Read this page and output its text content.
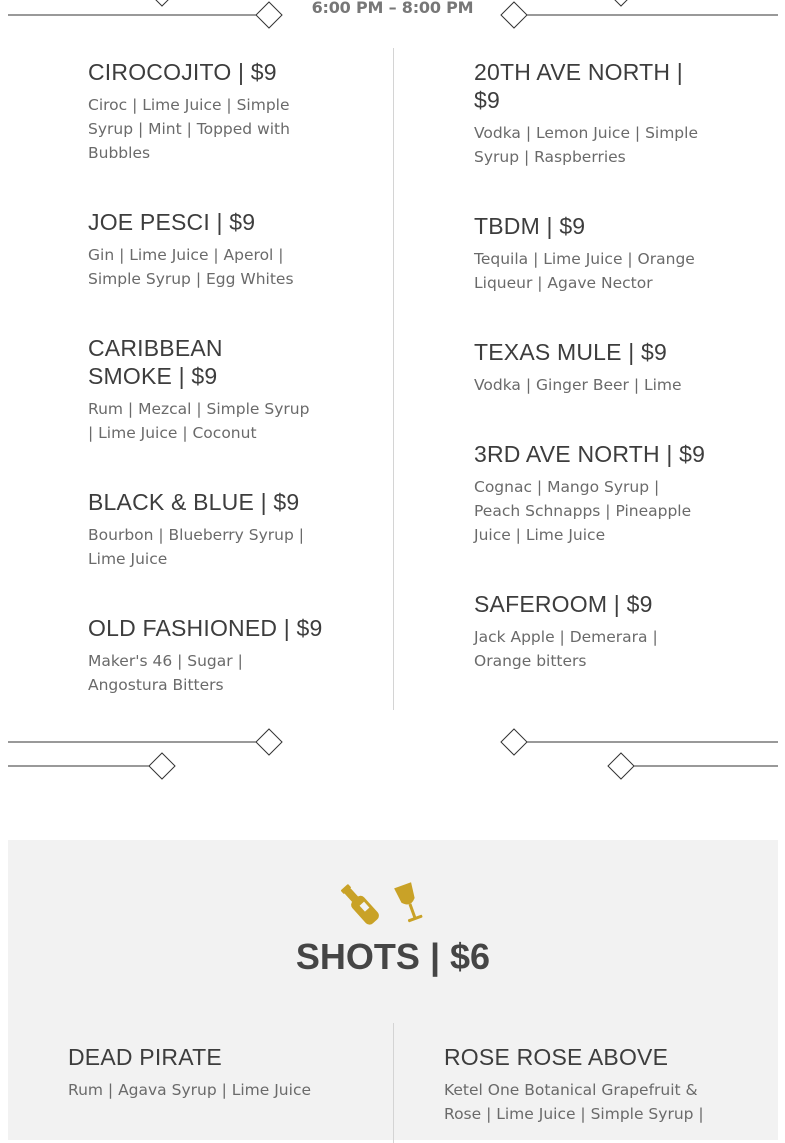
6:00 PM – 8:00 PM
CIROCOJITO | $9
Ciroc | Lime Juice | Simple Syrup | Mint | Topped with Bubbles
JOE PESCI | $9
Gin | Lime Juice | Aperol | Simple Syrup | Egg Whites
CARIBBEAN SMOKE | $9
Rum | Mezcal | Simple Syrup | Lime Juice | Coconut
BLACK & BLUE | $9
Bourbon | Blueberry Syrup | Lime Juice
OLD FASHIONED | $9
Maker's 46 | Sugar | Angostura Bitters
20TH AVE NORTH | $9
Vodka | Lemon Juice | Simple Syrup | Raspberries
TBDM | $9
Tequila | Lime Juice | Orange Liqueur | Agave Nector
TEXAS MULE | $9
Vodka | Ginger Beer | Lime
3RD AVE NORTH | $9
Cognac | Mango Syrup | Peach Schnapps | Pineapple Juice | Lime Juice
SAFEROOM | $9
Jack Apple | Demerara | Orange bitters
SHOTS | $6
DEAD PIRATE
Rum | Agava Syrup | Lime Juice
ROSE ROSE ABOVE
Ketel One Botanical Grapefruit & Rose | Lime Juice | Simple Syrup |
